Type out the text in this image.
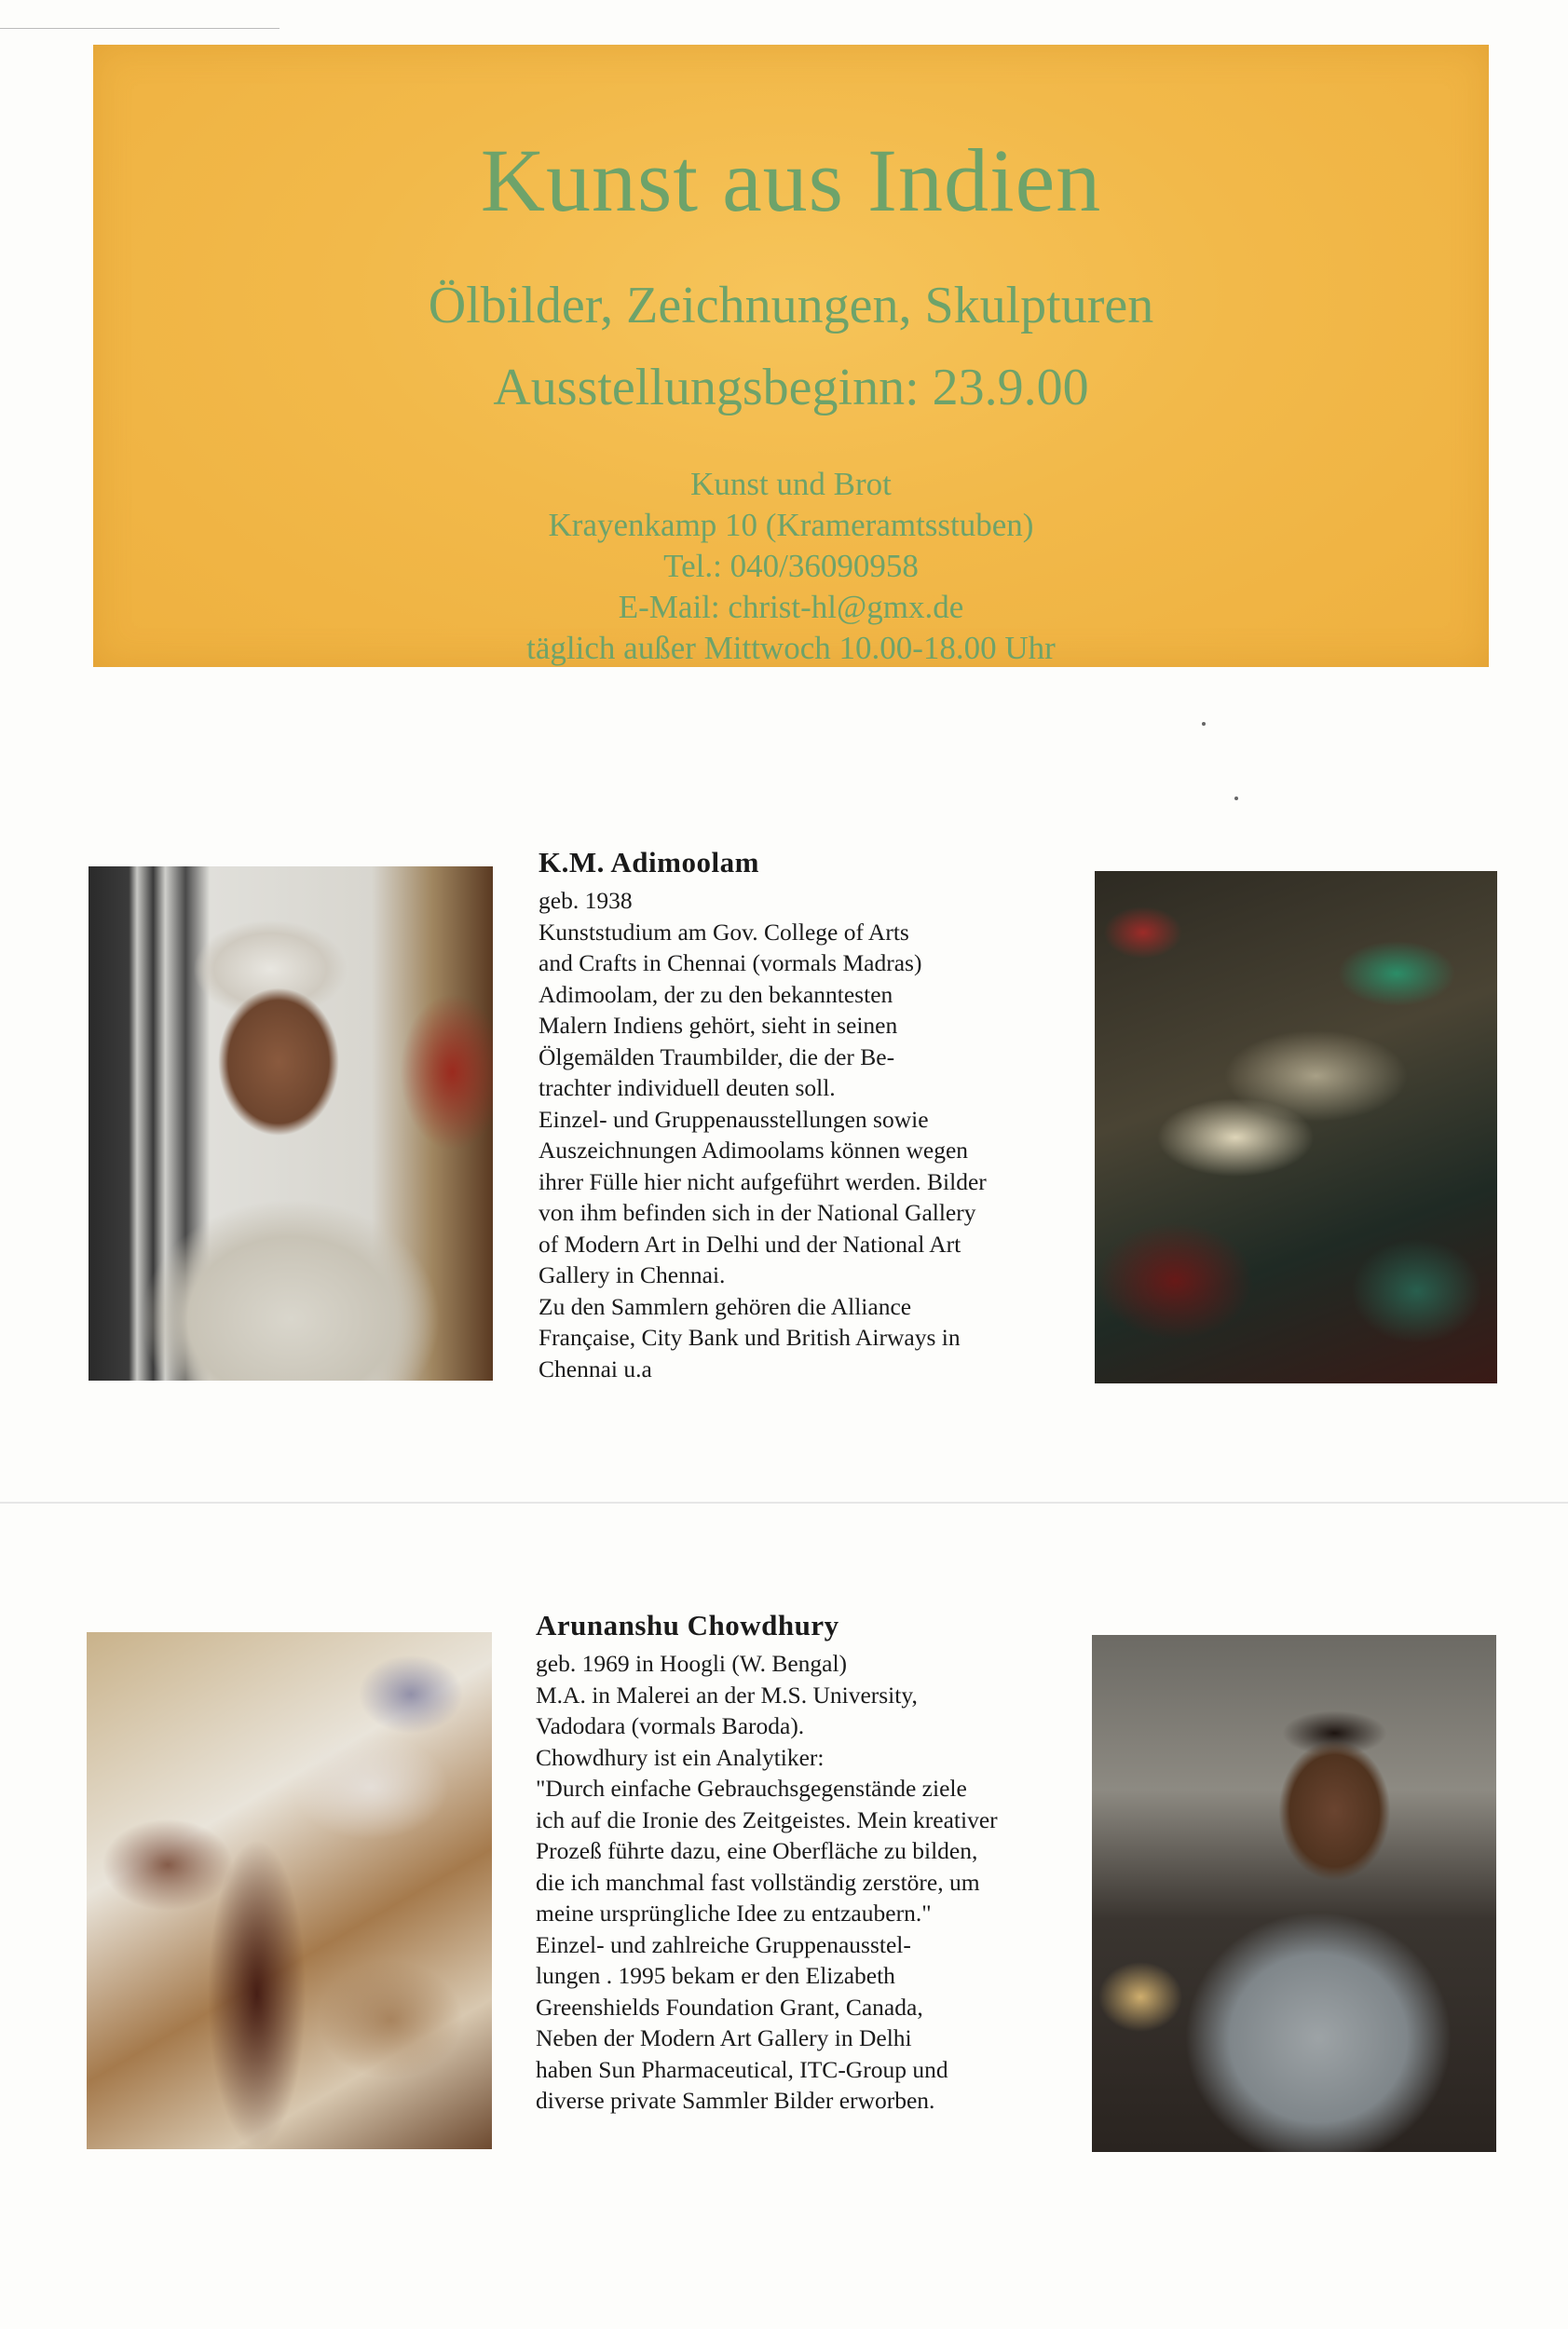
Kunst aus Indien
Ölbilder, Zeichnungen, Skulpturen
Ausstellungsbeginn: 23.9.00
Kunst und Brot
Krayenkamp 10 (Krameramtsstuben)
Tel.: 040/36090958
E-Mail: christ-hl@gmx.de
täglich außer Mittwoch 10.00-18.00 Uhr
K.M. Adimoolam
geb. 1938
Kunststudium am Gov. College of Arts
and Crafts in Chennai (vormals Madras)
Adimoolam, der zu den bekanntesten
Malern Indiens gehört, sieht in seinen
Ölgemälden Traumbilder, die der Be-
trachter individuell deuten soll.
Einzel- und Gruppenausstellungen sowie
Auszeichnungen Adimoolams können wegen
ihrer Fülle hier nicht aufgeführt werden. Bilder
von ihm befinden sich in der National Gallery
of Modern Art in Delhi und der National Art
Gallery in Chennai.
Zu den Sammlern gehören die Alliance
Française, City Bank und British Airways in
Chennai u.a
Arunanshu Chowdhury
geb. 1969 in Hoogli (W. Bengal)
M.A. in Malerei an der M.S. University,
Vadodara (vormals Baroda).
Chowdhury ist ein Analytiker:
"Durch einfache Gebrauchsgegenstände ziele
ich auf die Ironie des Zeitgeistes. Mein kreativer
Prozeß führte dazu, eine Oberfläche zu bilden,
die ich manchmal fast vollständig zerstöre, um
meine ursprüngliche Idee zu entzaubern."
Einzel- und zahlreiche Gruppenausstel-
lungen . 1995 bekam er den Elizabeth
Greenshields Foundation Grant, Canada,
Neben der Modern Art Gallery in Delhi
haben Sun Pharmaceutical, ITC-Group und
diverse private Sammler Bilder erworben.
